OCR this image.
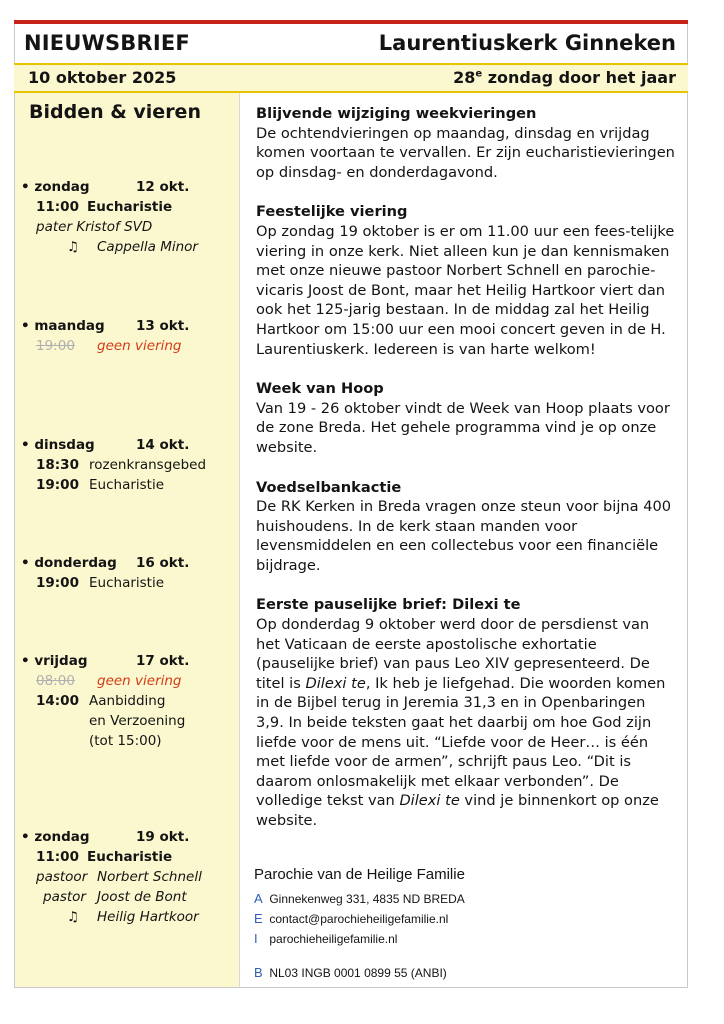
NIEUWSBRIEF	Laurentiuskerk Ginneken
10 oktober 2025	28e zondag door het jaar
Bidden & vieren
• zondag	12 okt.
11:00 Eucharistie
pater Kristof SVD
♫ Cappella Minor
• maandag 13 okt.
19:00 geen viering
• dinsdag	14 okt.
18:30 rozenkransgebed
19:00 Eucharistie
• donderdag 16 okt.
19:00 Eucharistie
• vrijdag	17 okt.
08:00 geen viering
14:00 Aanbidding
en Verzoening
(tot 15:00)
• zondag	19 okt.
11:00 Eucharistie
pastoor Norbert Schnell
pastor Joost de Bont
♫ Heilig Hartkoor
Blijvende wijziging weekvieringen

De ochtendvieringen op maandag, dinsdag en vrijdag komen voortaan te vervallen. Er zijn eucharistievieringen op dinsdag- en donderdagavond.

Feestelijke viering

Op zondag 19 oktober is er om 11.00 uur een fees-telijke viering in onze kerk. Niet alleen kun je dan kennismaken met onze nieuwe pastoor Norbert Schnell en parochie-vicaris Joost de Bont, maar het Heilig Hartkoor viert dan ook het 125-jarig bestaan. In de middag zal het Heilig Hartkoor om 15:00 uur een mooi concert geven in de H. Laurentiuskerk. Iedereen is van harte welkom!

Week van Hoop

Van 19 - 26 oktober vindt de Week van Hoop plaats voor de zone Breda. Het gehele programma vind je op onze website.

Voedselbankactie

De RK Kerken in Breda vragen onze steun voor bijna 400 huishoudens. In de kerk staan manden voor levensmiddelen en een collectebus voor een financiële bijdrage.

Eerste pauselijke brief: Dilexi te

Op donderdag 9 oktober werd door de persdienst van het Vaticaan de eerste apostolische exhortatie (pauselijke brief) van paus Leo XIV gepresenteerd. De titel is Dilexi te, Ik heb je liefgehad. Die woorden komen in de Bijbel terug in Jeremia 31,3 en in Openbaringen 3,9. In beide teksten gaat het daarbij om hoe God zijn liefde voor de mens uit. “Liefde voor de Heer… is één met liefde voor de armen”, schrijft paus Leo. “Dit is daarom onlosmakelijk met elkaar verbonden”. De volledige tekst van Dilexi te vind je binnenkort op onze website.

Parochie van de Heilige Familie
A Ginnekenweg 331, 4835 ND BREDA
E contact@parochieheiligefamilie.nl
I parochieheiligefamilie.nl
B NL03 INGB 0001 0899 55 (ANBI)
